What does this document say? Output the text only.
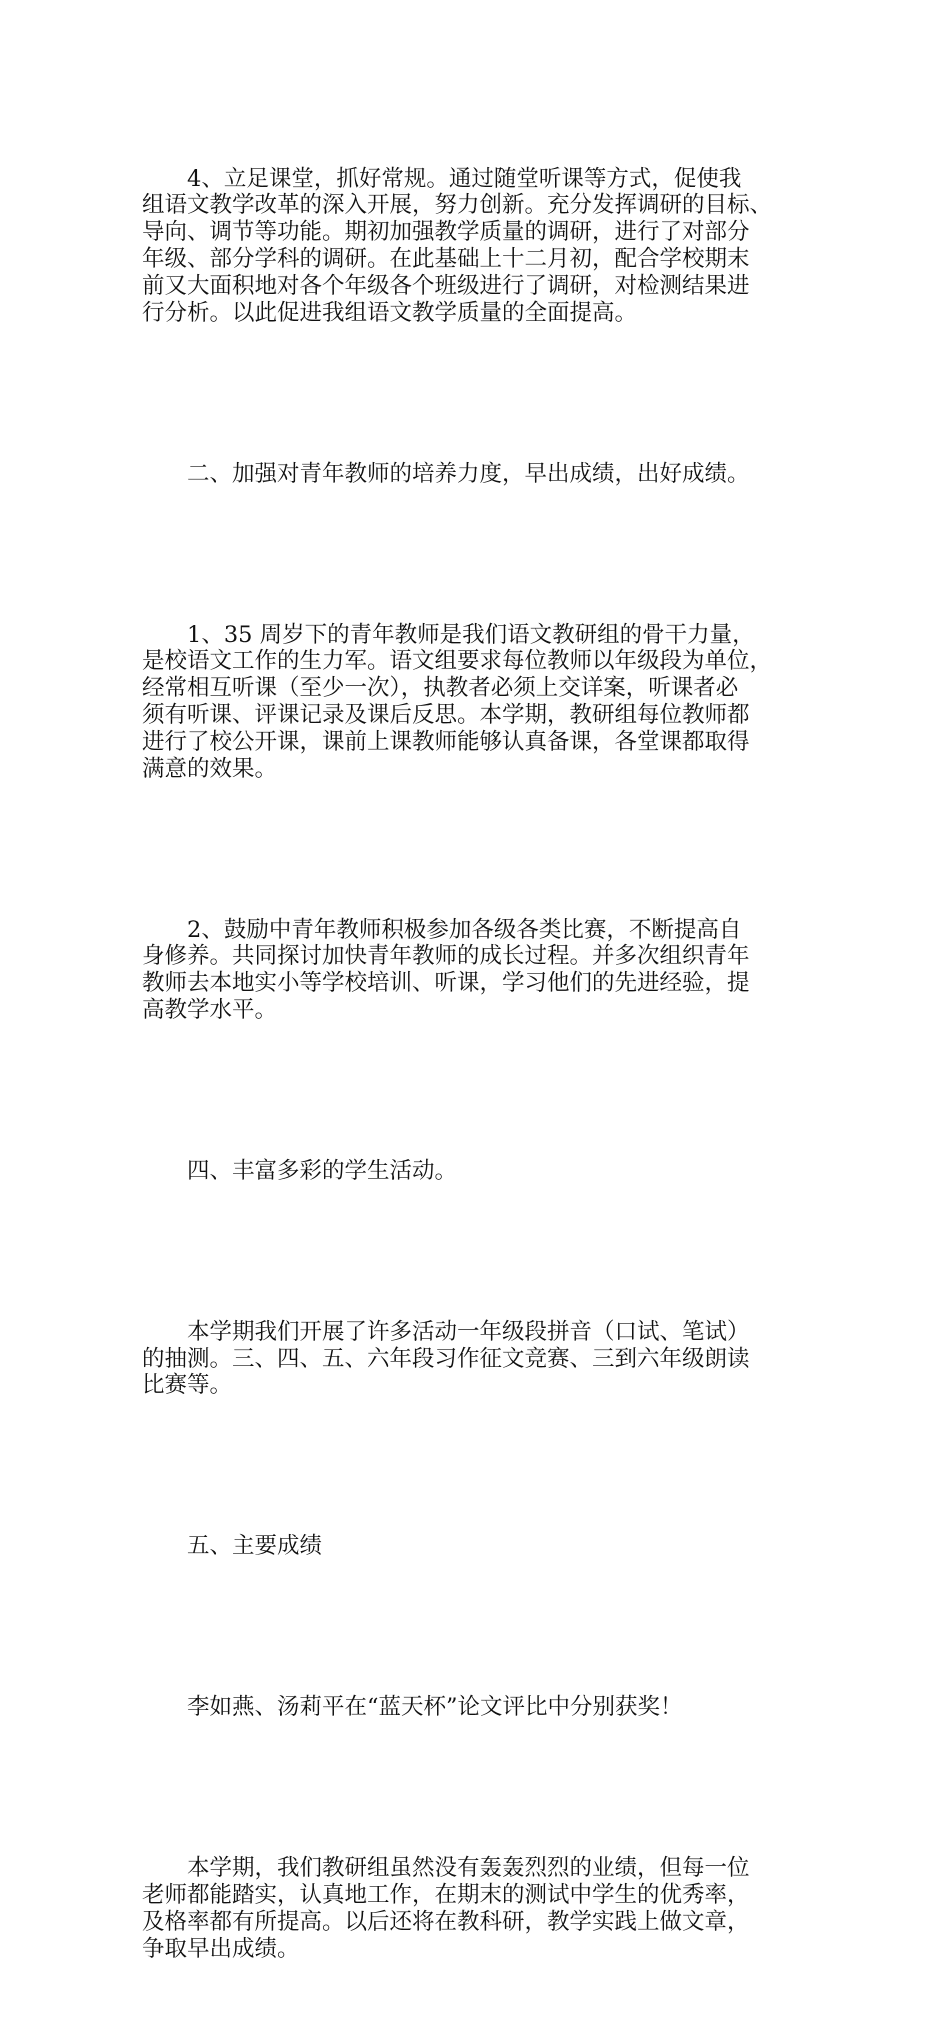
4、立足课堂，抓好常规。通过随堂听课等方式，促使我
组语文教学改革的深入开展，努力创新。充分发挥调研的目标、
导向、调节等功能。期初加强教学质量的调研，进行了对部分
年级、部分学科的调研。在此基础上十二月初，配合学校期末
前又大面积地对各个年级各个班级进行了调研，对检测结果进
行分析。以此促进我组语文教学质量的全面提高。

二、加强对青年教师的培养力度，早出成绩，出好成绩。

1、35 周岁下的青年教师是我们语文教研组的骨干力量，
是校语文工作的生力军。语文组要求每位教师以年级段为单位，
经常相互听课（至少一次），执教者必须上交详案，听课者必
须有听课、评课记录及课后反思。本学期，教研组每位教师都
进行了校公开课，课前上课教师能够认真备课，各堂课都取得
满意的效果。

2、鼓励中青年教师积极参加各级各类比赛，不断提高自
身修养。共同探讨加快青年教师的成长过程。并多次组织青年
教师去本地实小等学校培训、听课，学习他们的先进经验，提
高教学水平。

四、丰富多彩的学生活动。

本学期我们开展了许多活动一年级段拼音（口试、笔试）
的抽测。三、四、五、六年段习作征文竞赛、三到六年级朗读
比赛等。

五、主要成绩

李如燕、汤莉平在“蓝天杯”论文评比中分别获奖！

本学期，我们教研组虽然没有轰轰烈烈的业绩，但每一位
老师都能踏实，认真地工作，在期末的测试中学生的优秀率，
及格率都有所提高。以后还将在教科研，教学实践上做文章，
争取早出成绩。
